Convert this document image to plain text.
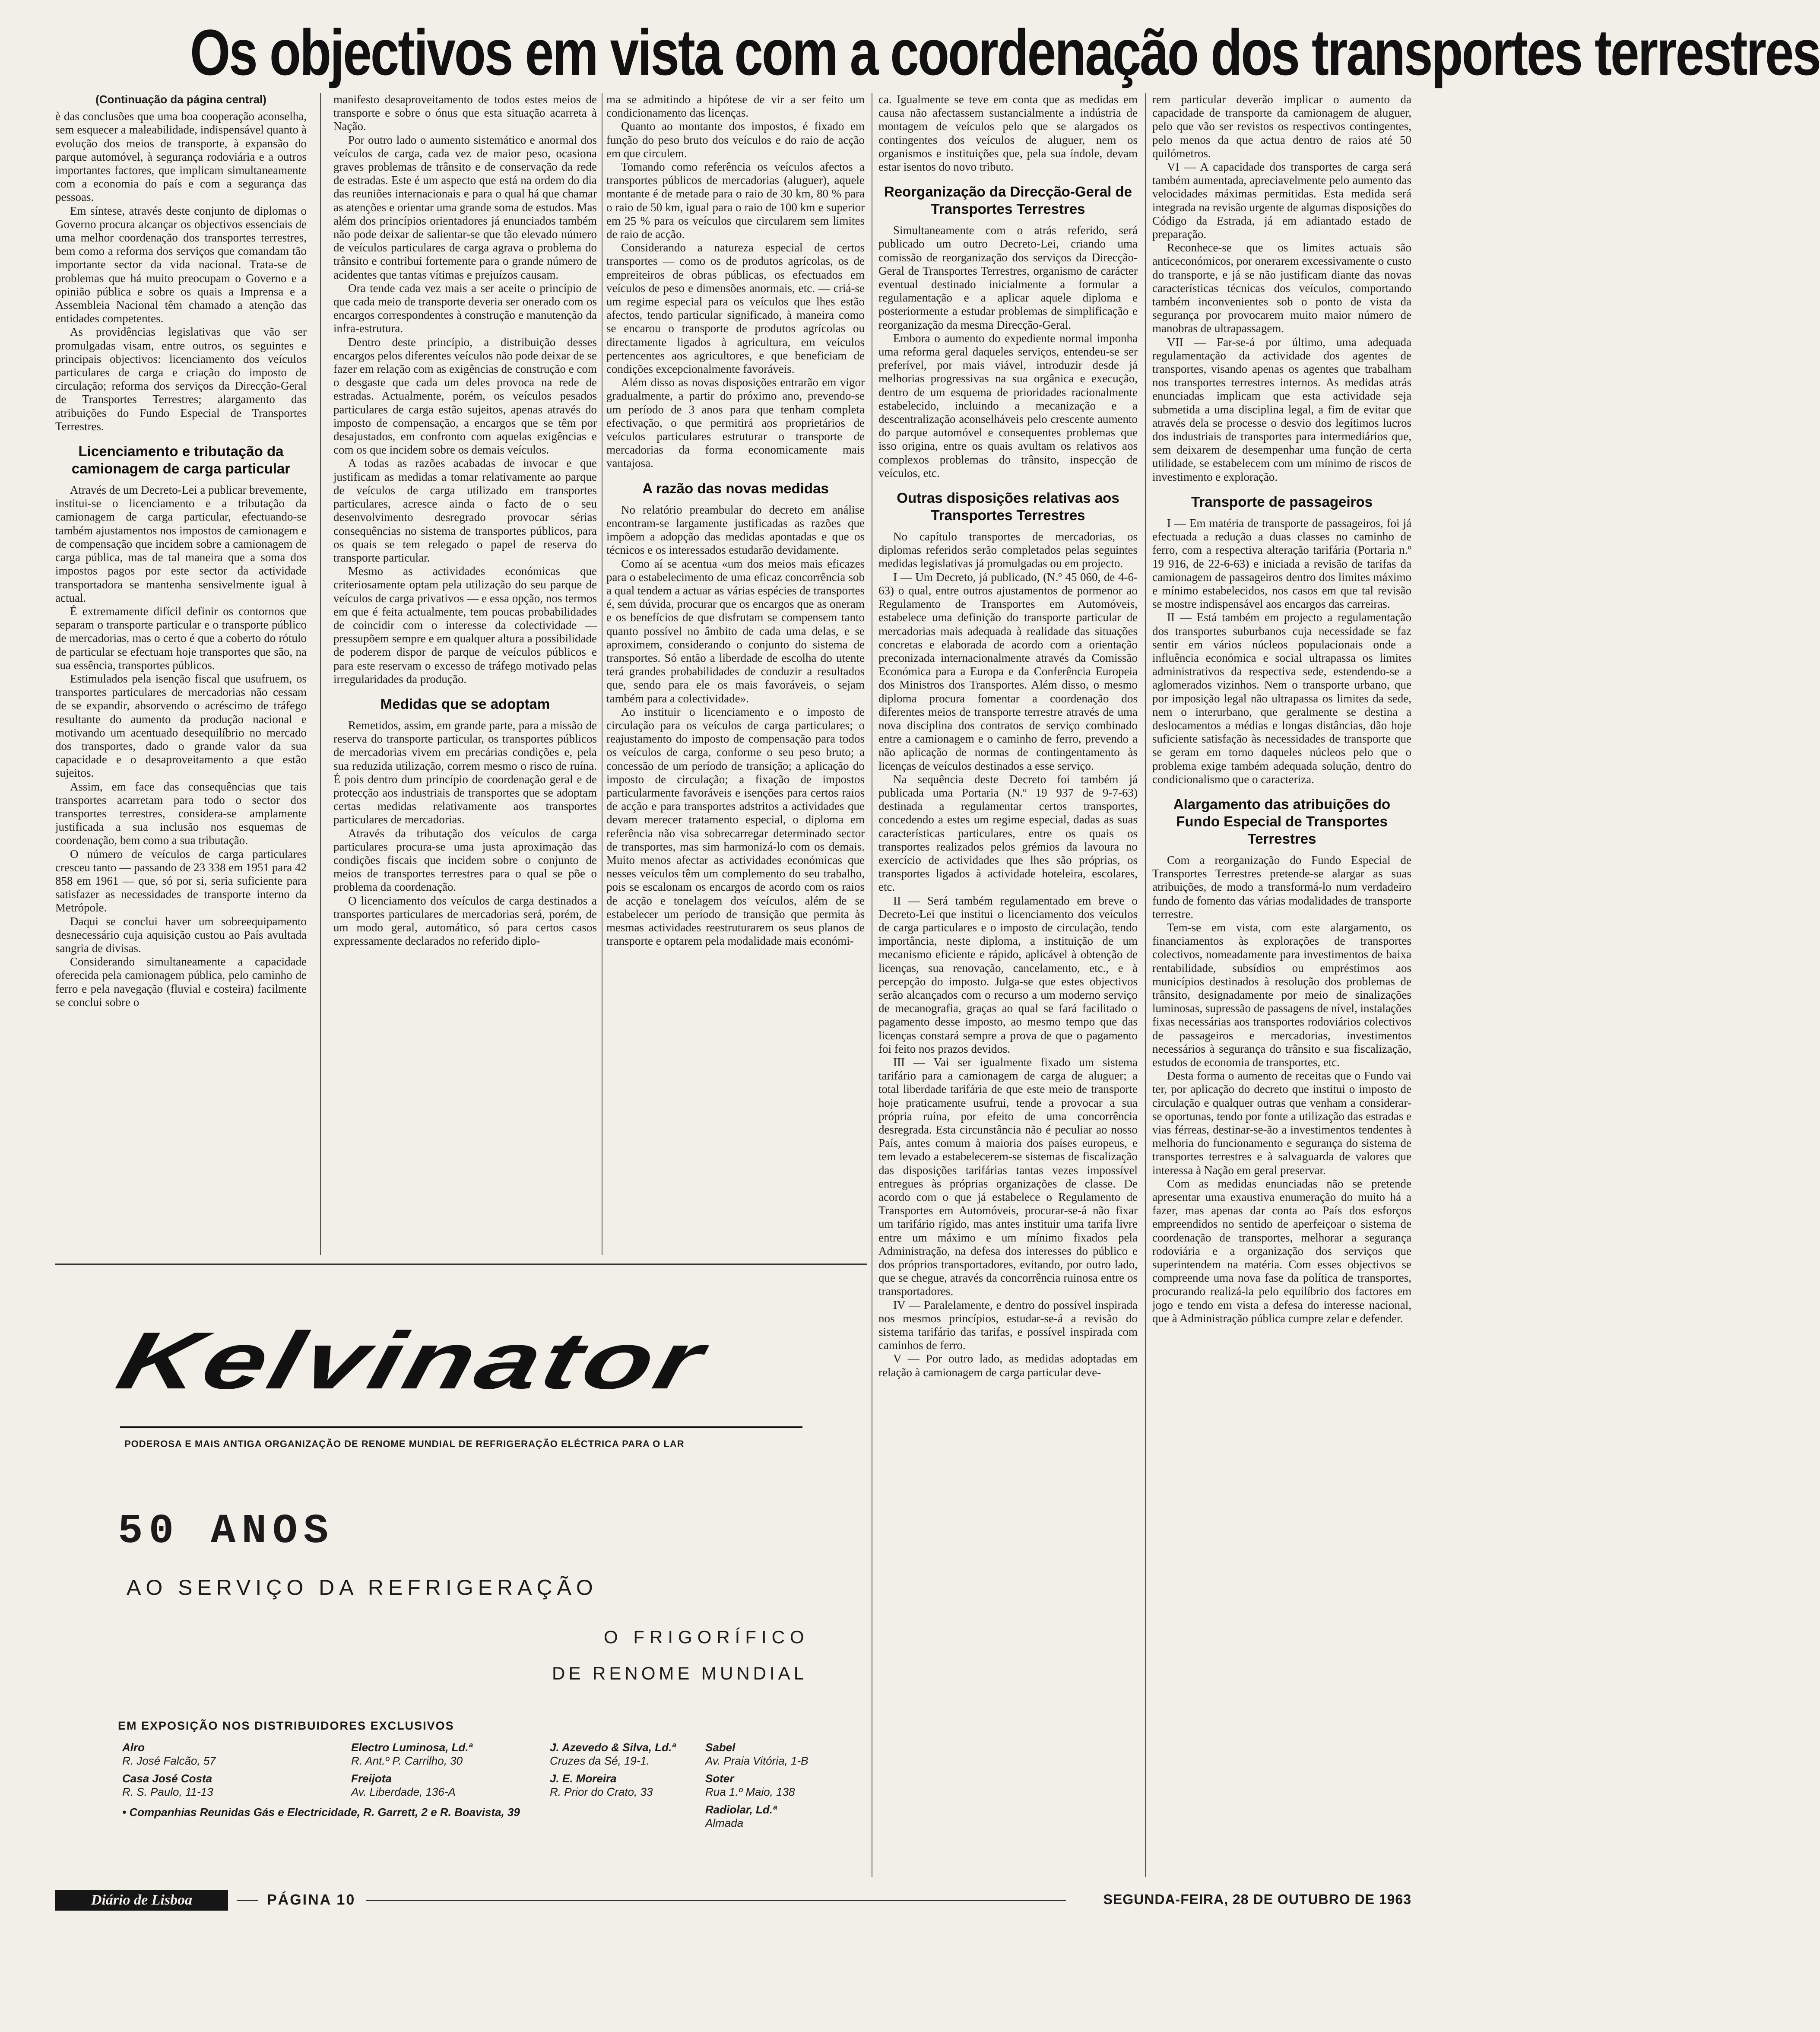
Os objectivos em vista com a coordenação dos transportes terrestres
(Continuação da página central)

è das conclusões que uma boa cooperação aconselha, sem esquecer a maleabilidade, indispensável quanto à evolução dos meios de transporte, à expansão do parque automóvel, à segurança rodoviária e a outros importantes factores, que implicam simultaneamente com a economia do país e com a segurança das pessoas.

Em síntese, através deste conjunto de diplomas o Governo procura alcançar os objectivos essenciais de uma melhor coordenação dos transportes terrestres, bem como a reforma dos serviços que comandam tão importante sector da vida nacional. Trata-se de problemas que há muito preocupam o Governo e a opinião pública e sobre os quais a Imprensa e a Assembleia Nacional têm chamado a atenção das entidades competentes.

As providências legislativas que vão ser promulgadas visam, entre outros, os seguintes e principais objectivos: licenciamento dos veículos particulares de carga e criação do imposto de circulação; reforma dos serviços da Direcção-Geral de Transportes Terrestres; alargamento das atribuições do Fundo Especial de Transportes Terrestres.

Licenciamento e tributação da camionagem de carga particular

Através de um Decreto-Lei a publicar brevemente, institui-se o licenciamento e a tributação da camionagem de carga particular, efectuando-se também ajustamentos nos impostos de camionagem e de compensação que incidem sobre a camionagem de carga pública, mas de tal maneira que a soma dos impostos pagos por este sector da actividade transportadora se mantenha sensivelmente igual à actual.

É extremamente difícil definir os contornos que separam o transporte particular e o transporte público de mercadorias, mas o certo é que a coberto do rótulo de particular se efectuam hoje transportes que são, na sua essência, transportes públicos.

Estimulados pela isenção fiscal que usufruem, os transportes particulares de mercadorias não cessam de se expandir, absorvendo o acréscimo de tráfego resultante do aumento da produção nacional e motivando um acentuado desequilíbrio no mercado dos transportes, dado o grande valor da sua capacidade e o desaproveitamento a que estão sujeitos.

Assim, em face das consequências que tais transportes acarretam para todo o sector dos transportes terrestres, considera-se amplamente justificada a sua inclusão nos esquemas de coordenação, bem como a sua tributação.

O número de veículos de carga particulares cresceu tanto — passando de 23 338 em 1951 para 42 858 em 1961 — que, só por si, seria suficiente para satisfazer as necessidades de transporte interno da Metrópole.

Daqui se conclui haver um sobreequipamento desnecessário cuja aquisição custou ao País avultada sangria de divisas.

Considerando simultaneamente a capacidade oferecida pela camionagem pública, pelo caminho de ferro e pela navegação (fluvial e costeira) facilmente se conclui sobre o

manifesto desaproveitamento de todos estes meios de transporte e sobre o ónus que esta situação acarreta à Nação.

Por outro lado o aumento sistemático e anormal dos veículos de carga, cada vez de maior peso, ocasiona graves problemas de trânsito e de conservação da rede de estradas. Este é um aspecto que está na ordem do dia das reuniões internacionais e para o qual há que chamar as atenções e orientar uma grande soma de estudos. Mas além dos princípios orientadores já enunciados também não pode deixar de salientar-se que tão elevado número de veículos particulares de carga agrava o problema do trânsito e contribui fortemente para o grande número de acidentes que tantas vítimas e prejuízos causam.

Ora tende cada vez mais a ser aceite o princípio de que cada meio de transporte deveria ser onerado com os encargos correspondentes à construção e manutenção da infra-estrutura.

Dentro deste princípio, a distribuição desses encargos pelos diferentes veículos não pode deixar de se fazer em relação com as exigências de construção e com o desgaste que cada um deles provoca na rede de estradas. Actualmente, porém, os veículos pesados particulares de carga estão sujeitos, apenas através do imposto de compensação, a encargos que se têm por desajustados, em confronto com aquelas exigências e com os que incidem sobre os demais veículos.

A todas as razões acabadas de invocar e que justificam as medidas a tomar relativamente ao parque de veículos de carga utilizado em transportes particulares, acresce ainda o facto de o seu desenvolvimento desregrado provocar sérias consequências no sistema de transportes públicos, para os quais se tem relegado o papel de reserva do transporte particular.

Mesmo as actividades económicas que criteriosamente optam pela utilização do seu parque de veículos de carga privativos — e essa opção, nos termos em que é feita actualmente, tem poucas probabilidades de coincidir com o interesse da colectividade — pressupõem sempre e em qualquer altura a possibilidade de poderem dispor de parque de veículos públicos e para este reservam o excesso de tráfego motivado pelas irregularidades da produção.

Medidas que se adoptam

Remetidos, assim, em grande parte, para a missão de reserva do transporte particular, os transportes públicos de mercadorias vivem em precárias condições e, pela sua reduzida utilização, correm mesmo o risco de ruína. É pois dentro dum princípio de coordenação geral e de protecção aos industriais de transportes que se adoptam certas medidas relativamente aos transportes particulares de mercadorias.

Através da tributação dos veículos de carga particulares procura-se uma justa aproximação das condições fiscais que incidem sobre o conjunto de meios de transportes terrestres para o qual se põe o problema da coordenação.

O licenciamento dos veículos de carga destinados a transportes particulares de mercadorias será, porém, de um modo geral, automático, só para certos casos expressamente declarados no referido diplo-

ma se admitindo a hipótese de vir a ser feito um condicionamento das licenças.

Quanto ao montante dos impostos, é fixado em função do peso bruto dos veículos e do raio de acção em que circulem.

Tomando como referência os veículos afectos a transportes públicos de mercadorias (aluguer), aquele montante é de metade para o raio de 30 km, 80 % para o raio de 50 km, igual para o raio de 100 km e superior em 25 % para os veículos que circularem sem limites de raio de acção.

Considerando a natureza especial de certos transportes — como os de produtos agrícolas, os de empreiteiros de obras públicas, os efectuados em veículos de peso e dimensões anormais, etc. — criá-se um regime especial para os veículos que lhes estão afectos, tendo particular significado, à maneira como se encarou o transporte de produtos agrícolas ou directamente ligados à agricultura, em veículos pertencentes aos agricultores, e que beneficiam de condições excepcionalmente favoráveis.

Além disso as novas disposições entrarão em vigor gradualmente, a partir do próximo ano, prevendo-se um período de 3 anos para que tenham completa efectivação, o que permitirá aos proprietários de veículos particulares estruturar o transporte de mercadorias da forma economicamente mais vantajosa.

A razão das novas medidas

No relatório preambular do decreto em análise encontram-se largamente justificadas as razões que impõem a adopção das medidas apontadas e que os técnicos e os interessados estudarão devidamente.

Como aí se acentua «um dos meios mais eficazes para o estabelecimento de uma eficaz concorrência sob a qual tendem a actuar as várias espécies de transportes é, sem dúvida, procurar que os encargos que as oneram e os benefícios de que disfrutam se compensem tanto quanto possível no âmbito de cada uma delas, e se aproximem, considerando o conjunto do sistema de transportes. Só então a liberdade de escolha do utente terá grandes probabilidades de conduzir a resultados que, sendo para ele os mais favoráveis, o sejam também para a colectividade».

Ao instituir o licenciamento e o imposto de circulação para os veículos de carga particulares; o reajustamento do imposto de compensação para todos os veículos de carga, conforme o seu peso bruto; a concessão de um período de transição; a aplicação do imposto de circulação; a fixação de impostos particularmente favoráveis e isenções para certos raios de acção e para transportes adstritos a actividades que devam merecer tratamento especial, o diploma em referência não visa sobrecarregar determinado sector de transportes, mas sim harmonizá-lo com os demais. Muito menos afectar as actividades económicas que nesses veículos têm um complemento do seu trabalho, pois se escalonam os encargos de acordo com os raios de acção e tonelagem dos veículos, além de se estabelecer um período de transição que permita às mesmas actividades reestruturarem os seus planos de transporte e optarem pela modalidade mais económi-

ca. Igualmente se teve em conta que as medidas em causa não afectassem sustancialmente a indústria de montagem de veículos pelo que se alargados os contingentes dos veículos de aluguer, nem os organismos e instituições que, pela sua índole, devam estar isentos do novo tributo.

Reorganização da Direcção-Geral de Transportes Terrestres

Simultaneamente com o atrás referido, será publicado um outro Decreto-Lei, criando uma comissão de reorganização dos serviços da Direcção-Geral de Transportes Terrestres, organismo de carácter eventual destinado inicialmente a formular a regulamentação e a aplicar aquele diploma e posteriormente a estudar problemas de simplificação e reorganização da mesma Direcção-Geral.

Embora o aumento do expediente normal imponha uma reforma geral daqueles serviços, entendeu-se ser preferível, por mais viável, introduzir desde já melhorias progressivas na sua orgânica e execução, dentro de um esquema de prioridades racionalmente estabelecido, incluindo a mecanização e a descentralização aconselháveis pelo crescente aumento do parque automóvel e consequentes problemas que isso origina, entre os quais avultam os relativos aos complexos problemas do trânsito, inspecção de veículos, etc.

Outras disposições relativas aos Transportes Terrestres

No capítulo transportes de mercadorias, os diplomas referidos serão completados pelas seguintes medidas legislativas já promulgadas ou em projecto.

I — Um Decreto, já publicado, (N.º 45 060, de 4-6-63) o qual, entre outros ajustamentos de pormenor ao Regulamento de Transportes em Automóveis, estabelece uma definição do transporte particular de mercadorias mais adequada à realidade das situações concretas e elaborada de acordo com a orientação preconizada internacionalmente através da Comissão Económica para a Europa e da Conferência Europeia dos Ministros dos Transportes. Além disso, o mesmo diploma procura fomentar a coordenação dos diferentes meios de transporte terrestre através de uma nova disciplina dos contratos de serviço combinado entre a camionagem e o caminho de ferro, prevendo a não aplicação de normas de contingentamento às licenças de veículos destinados a esse serviço.

Na sequência deste Decreto foi também já publicada uma Portaria (N.º 19 937 de 9-7-63) destinada a regulamentar certos transportes, concedendo a estes um regime especial, dadas as suas características particulares, entre os quais os transportes realizados pelos grémios da lavoura no exercício de actividades que lhes são próprias, os transportes ligados à actividade hoteleira, escolares, etc.

II — Será também regulamentado em breve o Decreto-Lei que institui o licenciamento dos veículos de carga particulares e o imposto de circulação, tendo importância, neste diploma, a instituição de um mecanismo eficiente e rápido, aplicável à obtenção de licenças, sua renovação, cancelamento, etc., e à percepção do imposto. Julga-se que estes objectivos serão alcançados com o recurso a um moderno serviço de mecanografia, graças ao qual se fará facilitado o pagamento desse imposto, ao mesmo tempo que das licenças constará sempre a prova de que o pagamento foi feito nos prazos devidos.

III — Vai ser igualmente fixado um sistema tarifário para a camionagem de carga de aluguer; a total liberdade tarifária de que este meio de transporte hoje praticamente usufrui, tende a provocar a sua própria ruína, por efeito de uma concorrência desregrada. Esta circunstância não é peculiar ao nosso País, antes comum à maioria dos países europeus, e tem levado a estabelecerem-se sistemas de fiscalização das disposições tarifárias tantas vezes impossível entregues às próprias organizações de classe. De acordo com o que já estabelece o Regulamento de Transportes em Automóveis, procurar-se-á não fixar um tarifário rígido, mas antes instituir uma tarifa livre entre um máximo e um mínimo fixados pela Administração, na defesa dos interesses do público e dos próprios transportadores, evitando, por outro lado, que se chegue, através da concorrência ruinosa entre os transportadores.

IV — Paralelamente, e dentro do possível inspirada nos mesmos princípios, estudar-se-á a revisão do sistema tarifário das tarifas, e possível inspirada com caminhos de ferro.

V — Por outro lado, as medidas adoptadas em relação à camionagem de carga particular deve-

rem particular deverão implicar o aumento da capacidade de transporte da camionagem de aluguer, pelo que vão ser revistos os respectivos contingentes, pelo menos da que actua dentro de raios até 50 quilómetros.

VI — A capacidade dos transportes de carga será também aumentada, apreciavelmente pelo aumento das velocidades máximas permitidas. Esta medida será integrada na revisão urgente de algumas disposições do Código da Estrada, já em adiantado estado de preparação.

Reconhece-se que os limites actuais são anticeconómicos, por onerarem excessivamente o custo do transporte, e já se não justificam diante das novas características técnicas dos veículos, comportando também inconvenientes sob o ponto de vista da segurança por provocarem muito maior número de manobras de ultrapassagem.

VII — Far-se-á por último, uma adequada regulamentação da actividade dos agentes de transportes, visando apenas os agentes que trabalham nos transportes terrestres internos. As medidas atrás enunciadas implicam que esta actividade seja submetida a uma disciplina legal, a fim de evitar que através dela se processe o desvio dos legítimos lucros dos industriais de transportes para intermediários que, sem deixarem de desempenhar uma função de certa utilidade, se estabelecem com um mínimo de riscos de investimento e exploração.

Transporte de passageiros

I — Em matéria de transporte de passageiros, foi já efectuada a redução a duas classes no caminho de ferro, com a respectiva alteração tarifária (Portaria n.º 19 916, de 22-6-63) e iniciada a revisão de tarifas da camionagem de passageiros dentro dos limites máximo e mínimo estabelecidos, nos casos em que tal revisão se mostre indispensável aos encargos das carreiras.

II — Está também em projecto a regulamentação dos transportes suburbanos cuja necessidade se faz sentir em vários núcleos populacionais onde a influência económica e social ultrapassa os limites administrativos da respectiva sede, estendendo-se a aglomerados vizinhos. Nem o transporte urbano, que por imposição legal não ultrapassa os limites da sede, nem o interurbano, que geralmente se destina a deslocamentos a médias e longas distâncias, dão hoje suficiente satisfação às necessidades de transporte que se geram em torno daqueles núcleos pelo que o problema exige também adequada solução, dentro do condicionalismo que o caracteriza.

Alargamento das atribuições do Fundo Especial de Transportes Terrestres

Com a reorganização do Fundo Especial de Transportes Terrestres pretende-se alargar as suas atribuições, de modo a transformá-lo num verdadeiro fundo de fomento das várias modalidades de transporte terrestre.

Tem-se em vista, com este alargamento, os financiamentos às explorações de transportes colectivos, nomeadamente para investimentos de baixa rentabilidade, subsídios ou empréstimos aos municípios destinados à resolução dos problemas de trânsito, designadamente por meio de sinalizações luminosas, supressão de passagens de nível, instalações fixas necessárias aos transportes rodoviários colectivos de passageiros e mercadorias, investimentos necessários à segurança do trânsito e sua fiscalização, estudos de economia de transportes, etc.

Desta forma o aumento de receitas que o Fundo vai ter, por aplicação do decreto que institui o imposto de circulação e qualquer outras que venham a considerar-se oportunas, tendo por fonte a utilização das estradas e vias férreas, destinar-se-ão a investimentos tendentes à melhoria do funcionamento e segurança do sistema de transportes terrestres e à salvaguarda de valores que interessa à Nação em geral preservar.

Com as medidas enunciadas não se pretende apresentar uma exaustiva enumeração do muito há a fazer, mas apenas dar conta ao País dos esforços empreendidos no sentido de aperfeiçoar o sistema de coordenação de transportes, melhorar a segurança rodoviária e a organização dos serviços que superintendem na matéria. Com esses objectivos se compreende uma nova fase da política de transportes, procurando realizá-la pelo equilíbrio dos factores em jogo e tendo em vista a defesa do interesse nacional, que à Administração pública cumpre zelar e defender.

Kelvinator
PODEROSA E MAIS ANTIGA ORGANIZAÇÃO DE RENOME MUNDIAL DE REFRIGERAÇÃO ELÉCTRICA PARA O LAR
50 ANOS
AO SERVIÇO DA REFRIGERAÇÃO
O FRIGORÍFICO
DE RENOME MUNDIAL
EM EXPOSIÇÃO NOS DISTRIBUIDORES EXCLUSIVOS
Alro
R. José Falcão, 57
Casa José Costa
R. S. Paulo, 11-13
Electro Luminosa, Ld.ª
R. Ant.º P. Carrilho, 30
Freijota
Av. Liberdade, 136-A
J. Azevedo & Silva, Ld.ª
Cruzes da Sé, 19-1.
J. E. Moreira
R. Prior do Crato, 33
Sabel
Av. Praia Vitória, 1-B
Soter
Rua 1.º Maio, 138
Radiolar, Ld.ª
Almada
• Companhias Reunidas Gás e Electricidade, R. Garrett, 2 e R. Boavista, 39
Diário de Lisboa	PÁGINA 10	SEGUNDA-FEIRA, 28 DE OUTUBRO DE 1963
